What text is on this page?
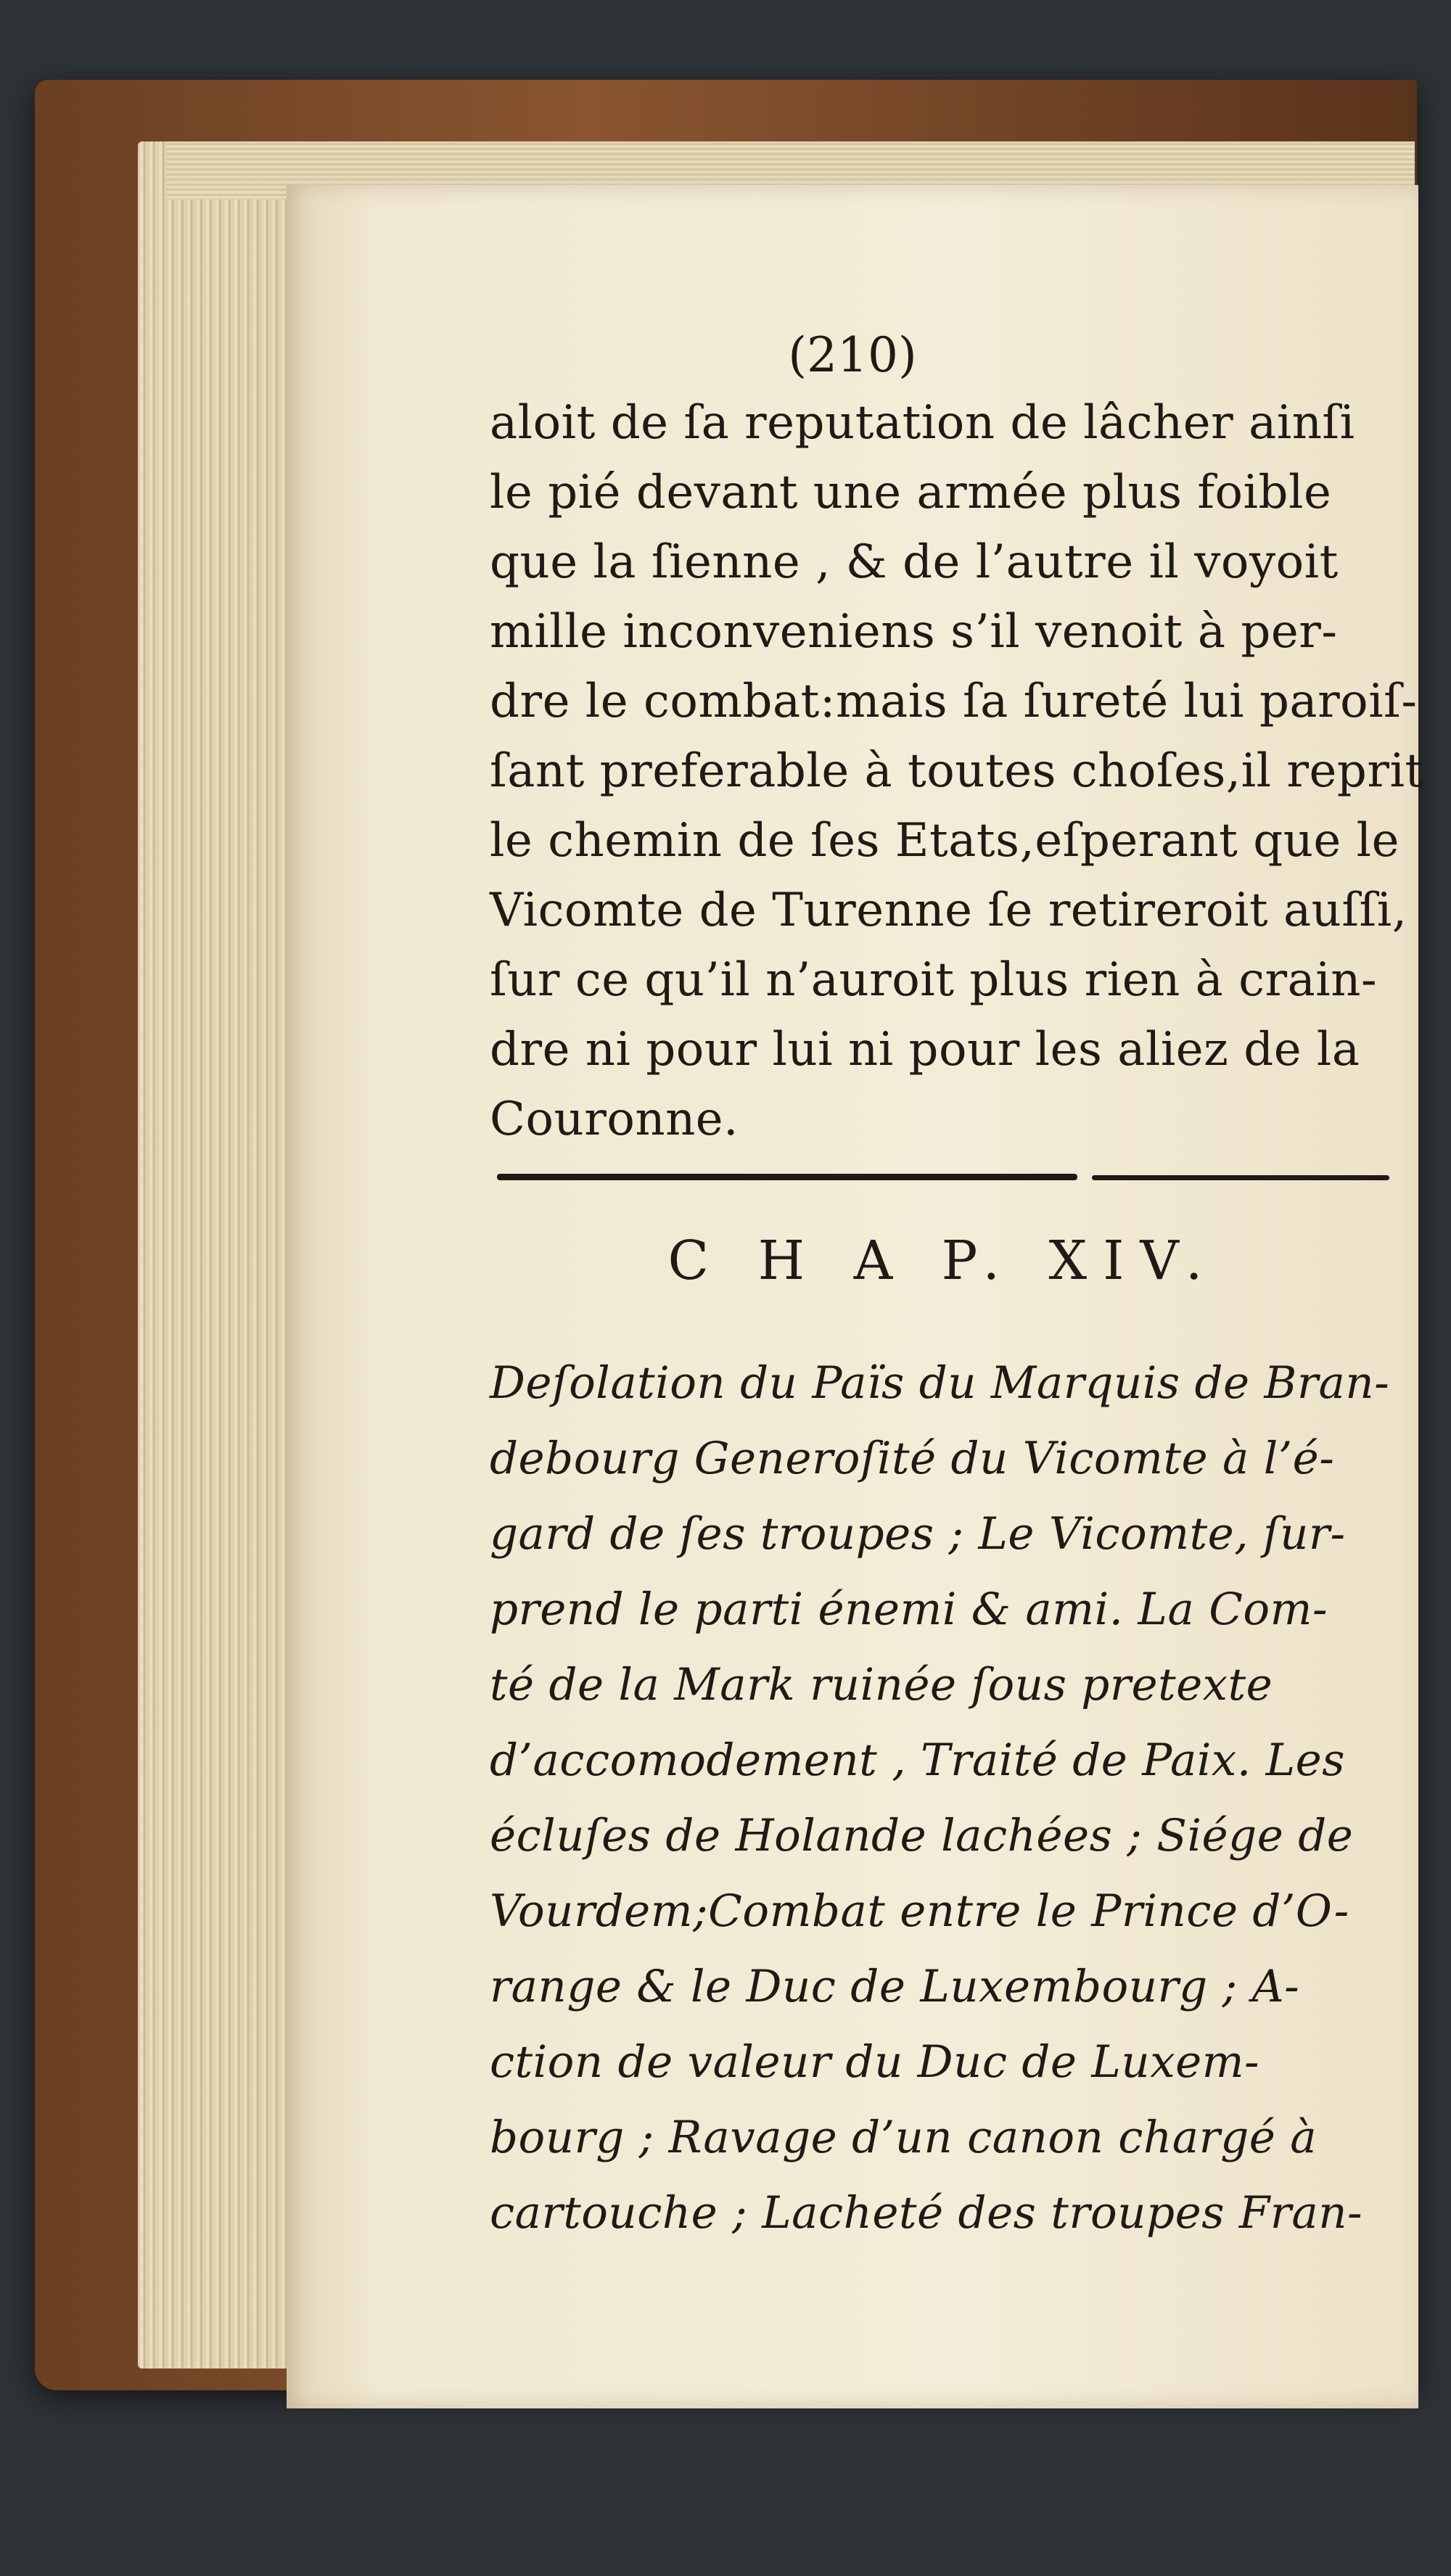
(210)
aloit de ſa reputation de lâcher ainſi
le pié devant une armée plus foible
que la ſienne , & de l’autre il voyoit
mille inconveniens s’il venoit à per-
dre le combat:mais ſa ſureté lui paroiſ-
ſant preferable à toutes choſes,il reprit
le chemin de ſes Etats,eſperant que le
Vicomte de Turenne ſe retireroit auſſi,
ſur ce qu’il n’auroit plus rien à crain-
dre ni pour lui ni pour les aliez de la
Couronne.
C H A P. XIV.
Deſolation du Païs du Marquis de Bran-
debourg Generoſité du Vicomte à l’é-
gard de ſes troupes ; Le Vicomte, ſur-
prend le parti énemi & ami. La Com-
té de la Mark ruinée ſous pretexte
d’accomodement , Traité de Paix. Les
écluſes de Holande lachées ; Siége de
Vourdem;Combat entre le Prince d’O-
range & le Duc de Luxembourg ; A-
ction de valeur du Duc de Luxem-
bourg ; Ravage d’un canon chargé à
cartouche ; Lacheté des troupes Fran-
